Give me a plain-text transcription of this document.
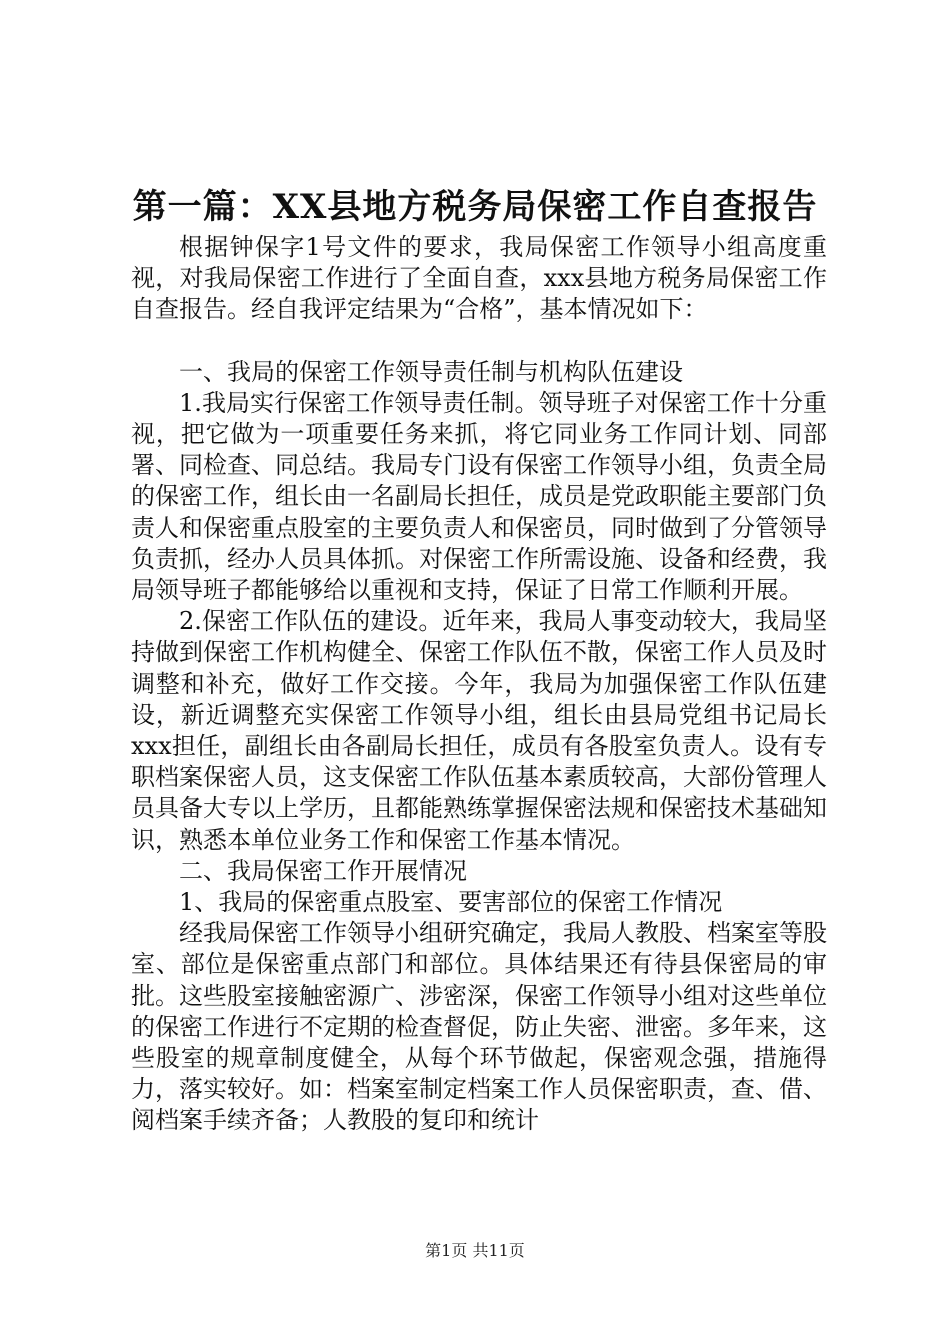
第一篇：XX县地方税务局保密工作自查报告

根据钟保字1号文件的要求，我局保密工作领导小组高度重视，对我局保密工作进行了全面自查，xxx县地方税务局保密工作自查报告。经自我评定结果为“合格”，基本情况如下：

一、我局的保密工作领导责任制与机构队伍建设

1.我局实行保密工作领导责任制。领导班子对保密工作十分重视，把它做为一项重要任务来抓，将它同业务工作同计划、同部署、同检查、同总结。我局专门设有保密工作领导小组，负责全局的保密工作，组长由一名副局长担任，成员是党政职能主要部门负责人和保密重点股室的主要负责人和保密员，同时做到了分管领导负责抓，经办人员具体抓。对保密工作所需设施、设备和经费，我局领导班子都能够给以重视和支持，保证了日常工作顺利开展。

2.保密工作队伍的建设。近年来，我局人事变动较大，我局坚持做到保密工作机构健全、保密工作队伍不散，保密工作人员及时调整和补充，做好工作交接。今年，我局为加强保密工作队伍建设，新近调整充实保密工作领导小组，组长由县局党组书记局长xxx担任，副组长由各副局长担任，成员有各股室负责人。设有专职档案保密人员，这支保密工作队伍基本素质较高，大部份管理人员具备大专以上学历，且都能熟练掌握保密法规和保密技术基础知识，熟悉本单位业务工作和保密工作基本情况。

二、我局保密工作开展情况

1、我局的保密重点股室、要害部位的保密工作情况

经我局保密工作领导小组研究确定，我局人教股、档案室等股室、部位是保密重点部门和部位。具体结果还有待县保密局的审批。这些股室接触密源广、涉密深，保密工作领导小组对这些单位的保密工作进行不定期的检查督促，防止失密、泄密。多年来，这些股室的规章制度健全，从每个环节做起，保密观念强，措施得力，落实较好。如：档案室制定档案工作人员保密职责，查、借、阅档案手续齐备；人教股的复印和统计

第1页 共11页
